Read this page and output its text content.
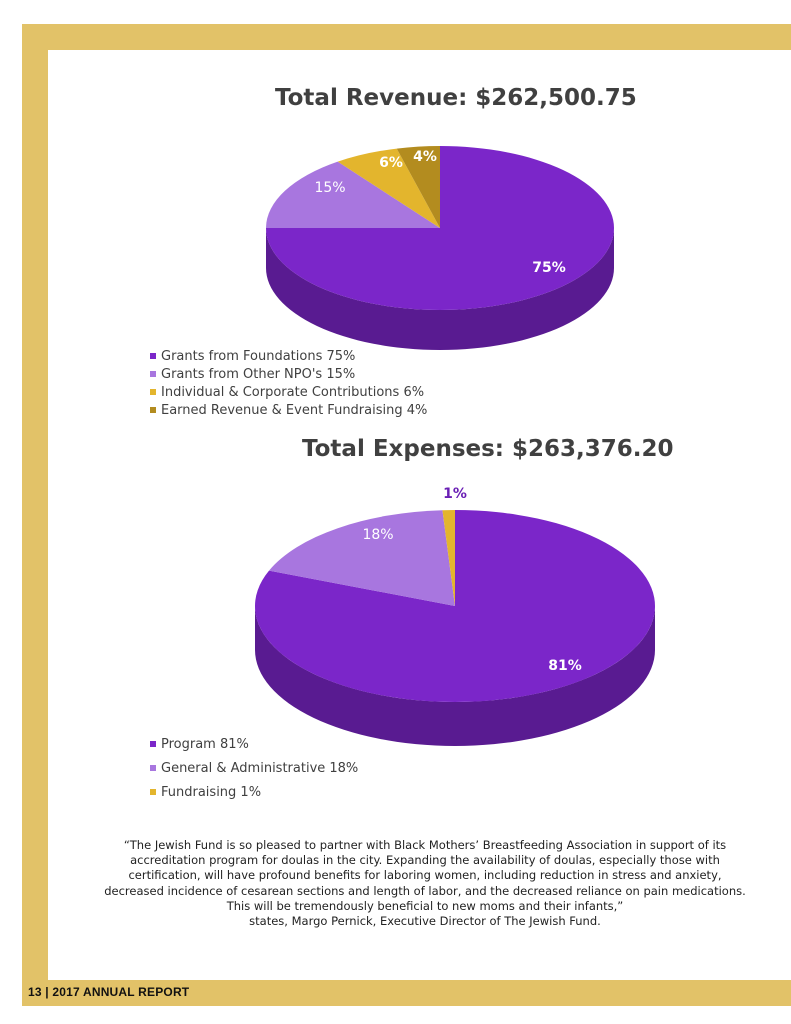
Total Revenue: $262,500.75
75%
15%
6% 4%
Grants from Foundations 75%
Grants from Other NPO's 15%
Individual & Corporate Contributions 6%
Earned Revenue & Event Fundraising 4%
Total Expenses: $263,376.20
81%
18%
1%
Program 81%
General & Administrative 18%
Fundraising 1%
“The Jewish Fund is so pleased to partner with Black Mothers’ Breastfeeding Association in support of its
accreditation program for doulas in the city. Expanding the availability of doulas, especially those with
certification, will have profound benefits for laboring women, including reduction in stress and anxiety,
decreased incidence of cesarean sections and length of labor, and the decreased reliance on pain medications.
This will be tremendously beneficial to new moms and their infants,”
states, Margo Pernick, Executive Director of The Jewish Fund.
13 | 2017 ANNUAL REPORT
